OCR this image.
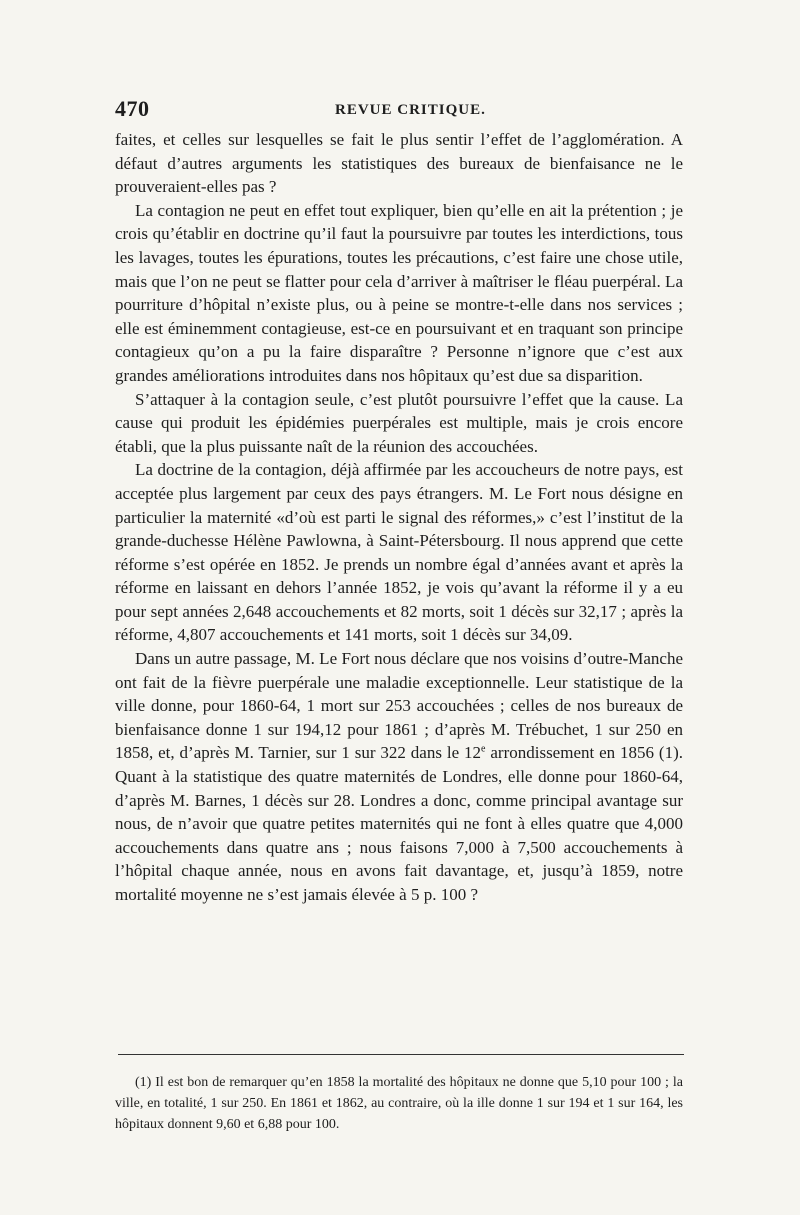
470	REVUE CRITIQUE.

faites, et celles sur lesquelles se fait le plus sentir l’effet de l’agglomération. A défaut d’autres arguments les statistiques des bureaux de bienfaisance ne le prouveraient-elles pas ?

La contagion ne peut en effet tout expliquer, bien qu’elle en ait la prétention ; je crois qu’établir en doctrine qu’il faut la poursuivre par toutes les interdictions, tous les lavages, toutes les épurations, toutes les précautions, c’est faire une chose utile, mais que l’on ne peut se flatter pour cela d’arriver à maîtriser le fléau puerpéral. La pourriture d’hôpital n’existe plus, ou à peine se montre-t-elle dans nos services ; elle est éminemment contagieuse, est-ce en poursuivant et en traquant son principe contagieux qu’on a pu la faire disparaître ? Personne n’ignore que c’est aux grandes améliorations introduites dans nos hôpitaux qu’est due sa disparition.

S’attaquer à la contagion seule, c’est plutôt poursuivre l’effet que la cause. La cause qui produit les épidémies puerpérales est multiple, mais je crois encore établi, que la plus puissante naît de la réunion des accouchées.

La doctrine de la contagion, déjà affirmée par les accoucheurs de notre pays, est acceptée plus largement par ceux des pays étrangers. M. Le Fort nous désigne en particulier la maternité «d’où est parti le signal des réformes,» c’est l’institut de la grande-duchesse Hélène Pawlowna, à Saint-Pétersbourg. Il nous apprend que cette réforme s’est opérée en 1852. Je prends un nombre égal d’années avant et après la réforme en laissant en dehors l’année 1852, je vois qu’avant la réforme il y a eu pour sept années 2,648 accouchements et 82 morts, soit 1 décès sur 32,17 ; après la réforme, 4,807 accouchements et 141 morts, soit 1 décès sur 34,09.

Dans un autre passage, M. Le Fort nous déclare que nos voisins d’outre-Manche ont fait de la fièvre puerpérale une maladie exceptionnelle. Leur statistique de la ville donne, pour 1860-64, 1 mort sur 253 accouchées ; celles de nos bureaux de bienfaisance donne 1 sur 194,12 pour 1861 ; d’après M. Trébuchet, 1 sur 250 en 1858, et, d’après M. Tarnier, sur 1 sur 322 dans le 12e arrondissement en 1856 (1). Quant à la statistique des quatre maternités de Londres, elle donne pour 1860-64, d’après M. Barnes, 1 décès sur 28. Londres a donc, comme principal avantage sur nous, de n’avoir que quatre petites maternités qui ne font à elles quatre que 4,000 accouchements dans quatre ans ; nous faisons 7,000 à 7,500 accouchements à l’hôpital chaque année, nous en avons fait davantage, et, jusqu’à 1859, notre mortalité moyenne ne s’est jamais élevée à 5 p. 100 ?

(1) Il est bon de remarquer qu’en 1858 la mortalité des hôpitaux ne donne que 5,10 pour 100 ; la ville, en totalité, 1 sur 250. En 1861 et 1862, au contraire, où la ille donne 1 sur 194 et 1 sur 164, les hôpitaux donnent 9,60 et 6,88 pour 100.
